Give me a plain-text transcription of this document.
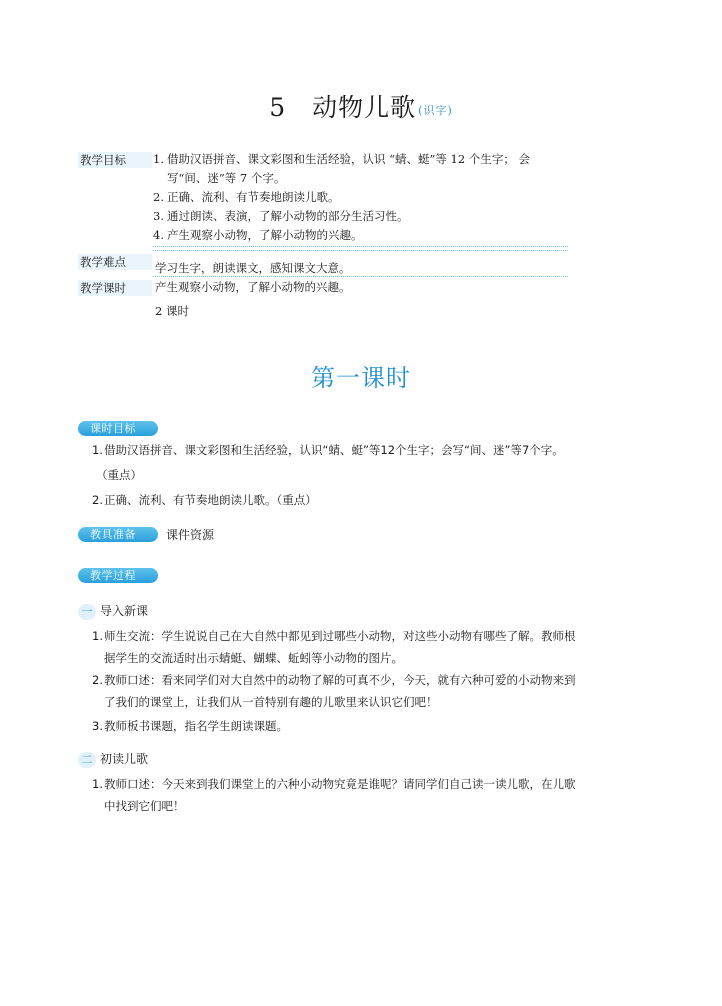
5 动物儿歌 (识字)
教学目标	1. 借助汉语拼音、课文彩图和生活经验，认识 “蜻、蜓”等 12 个生字； 会
写“间、迷”等 7 个字。
2. 正确、流利、有节奏地朗读儿歌。
3. 通过朗读、表演，了解小动物的部分生活习性。
4. 产生观察小动物，了解小动物的兴趣。
教学难点	学习生字，朗读课文，感知课文大意。
教学课时	产生观察小动物，了解小动物的兴趣。
2 课时
第一课时
课时目标
1.借助汉语拼音、课文彩图和生活经验，认识“蜻、蜓”等12个生字；会写“间、迷”等7个字。
（重点）
2.正确、流利、有节奏地朗读儿歌。（重点）
教具准备	课件资源
教学过程
一 导入新课
1.师生交流：学生说说自己在大自然中都见到过哪些小动物，对这些小动物有哪些了解。教师根
据学生的交流适时出示蜻蜓、蝴蝶、蚯蚓等小动物的图片。
2.教师口述：看来同学们对大自然中的动物了解的可真不少，今天，就有六种可爱的小动物来到
了我们的课堂上，让我们从一首特别有趣的儿歌里来认识它们吧！
3.教师板书课题，指名学生朗读课题。
二 初读儿歌
1.教师口述：今天来到我们课堂上的六种小动物究竟是谁呢？请同学们自己读一读儿歌，在儿歌
中找到它们吧！
